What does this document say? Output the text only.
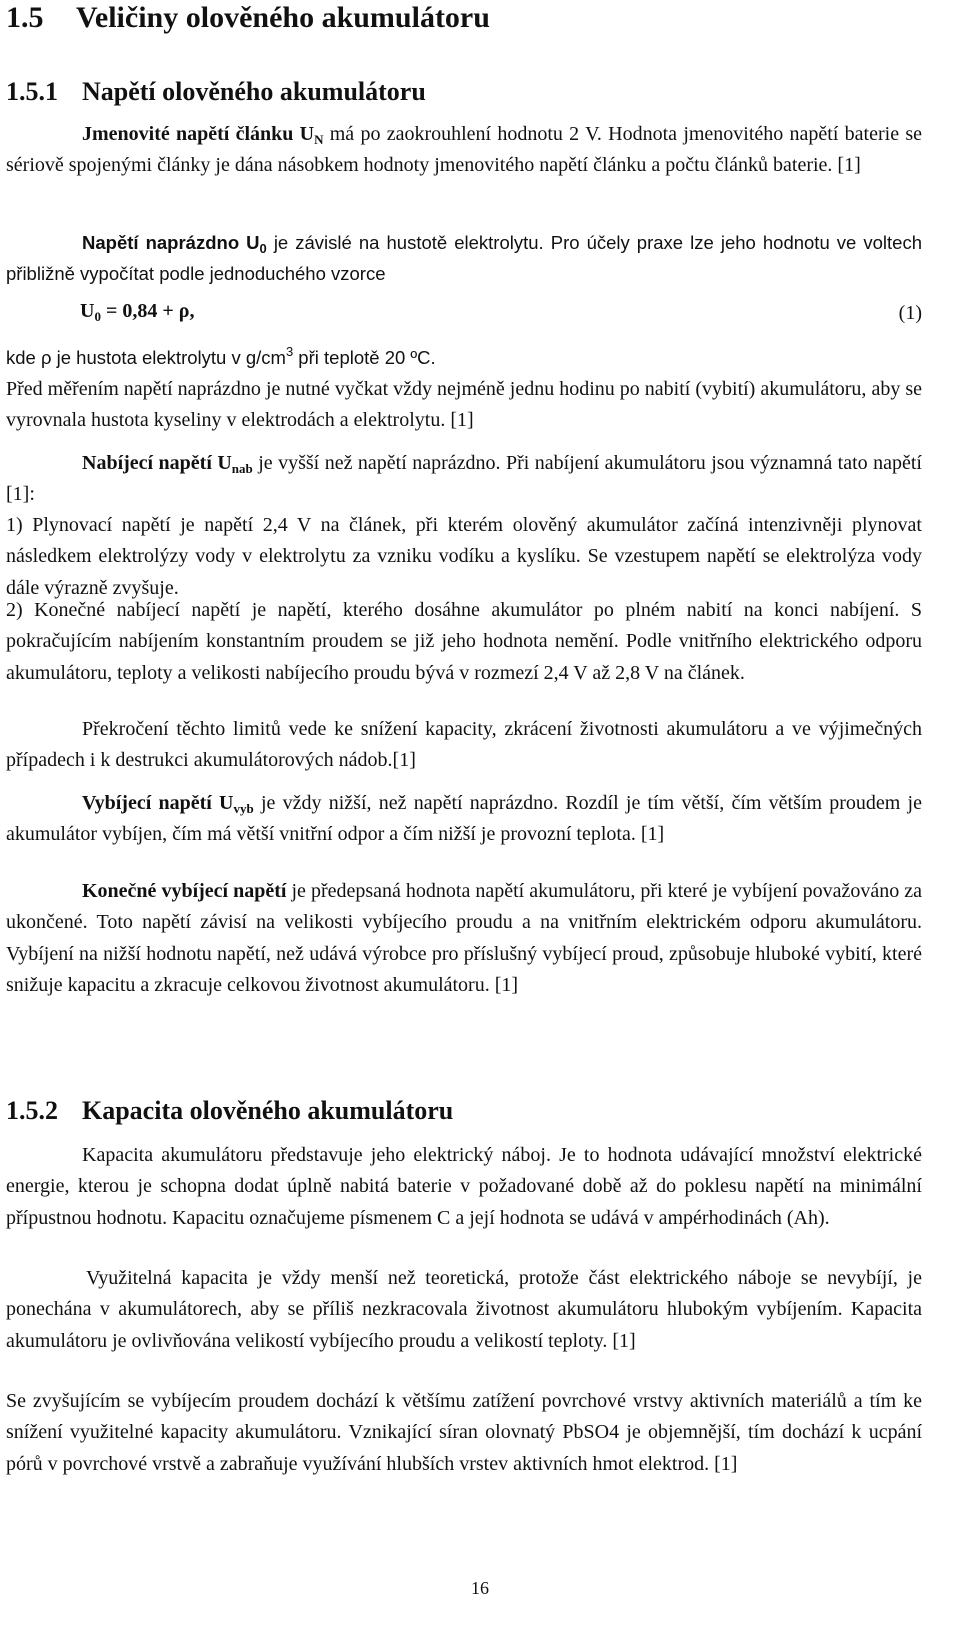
1.5 Veličiny olověného akumulátoru
1.5.1 Napětí olověného akumulátoru

Jmenovité napětí článku $U_N$ má po zaokrouhlení hodnotu 2 V. Hodnota jmenovitého napětí baterie se sériově spojenými články je dána násobkem hodnoty jmenovitého napětí článku a počtu článků baterie. [1]

Napětí naprázdno $U_0$ je závislé na hustotě elektrolytu. Pro účely praxe lze jeho hodnotu ve voltech přibližně vypočítat podle jednoduchého vzorce

$U_0 = 0,84 + \rho$,	(1)

kde ρ je hustota elektrolytu v $g/cm^3$ při teplotě 20 ºC.

Před měřením napětí naprázdno je nutné vyčkat vždy nejméně jednu hodinu po nabití (vybití) akumulátoru, aby se vyrovnala hustota kyseliny v elektrodách a elektrolytu. [1]

Nabíjecí napětí $U_{nab}$ je vyšší než napětí naprázdno. Při nabíjení akumulátoru jsou významná tato napětí [1]:

1) Plynovací napětí je napětí 2,4 V na článek, při kterém olověný akumulátor začíná intenzivněji plynovat následkem elektrolýzy vody v elektrolytu za vzniku vodíku a kyslíku. Se vzestupem napětí se elektrolýza vody dále výrazně zvyšuje.

2) Konečné nabíjecí napětí je napětí, kterého dosáhne akumulátor po plném nabití na konci nabíjení. S pokračujícím nabíjením konstantním proudem se již jeho hodnota nemění. Podle vnitřního elektrického odporu akumulátoru, teploty a velikosti nabíjecího proudu bývá v rozmezí 2,4 V až 2,8 V na článek.

Překročení těchto limitů vede ke snížení kapacity, zkrácení životnosti akumulátoru a ve výjimečných případech i k destrukci akumulátorových nádob.[1]

Vybíjecí napětí $U_{vyb}$ je vždy nižší, než napětí naprázdno. Rozdíl je tím větší, čím větším proudem je akumulátor vybíjen, čím má větší vnitřní odpor a čím nižší je provozní teplota. [1]

Konečné vybíjecí napětí je předepsaná hodnota napětí akumulátoru, při které je vybíjení považováno za ukončené. Toto napětí závisí na velikosti vybíjecího proudu a na vnitřním elektrickém odporu akumulátoru. Vybíjení na nižší hodnotu napětí, než udává výrobce pro příslušný vybíjecí proud, způsobuje hluboké vybití, které snižuje kapacitu a zkracuje celkovou životnost akumulátoru. [1]

1.5.2 Kapacita olověného akumulátoru

Kapacita akumulátoru představuje jeho elektrický náboj. Je to hodnota udávající množství elektrické energie, kterou je schopna dodat úplně nabitá baterie v požadované době až do poklesu napětí na minimální přípustnou hodnotu. Kapacitu označujeme písmenem C a její hodnota se udává v ampérhodinách (Ah).

Využitelná kapacita je vždy menší než teoretická, protože část elektrického náboje se nevybíjí, je ponechána v akumulátorech, aby se příliš nezkracovala životnost akumulátoru hlubokým vybíjením. Kapacita akumulátoru je ovlivňována velikostí vybíjecího proudu a velikostí teploty. [1]

Se zvyšujícím se vybíjecím proudem dochází k většímu zatížení povrchové vrstvy aktivních materiálů a tím ke snížení využitelné kapacity akumulátoru. Vznikající síran olovnatý PbSO4 je objemnější, tím dochází k ucpání pórů v povrchové vrstvě a zabraňuje využívání hlubších vrstev aktivních hmot elektrod. [1]

16
